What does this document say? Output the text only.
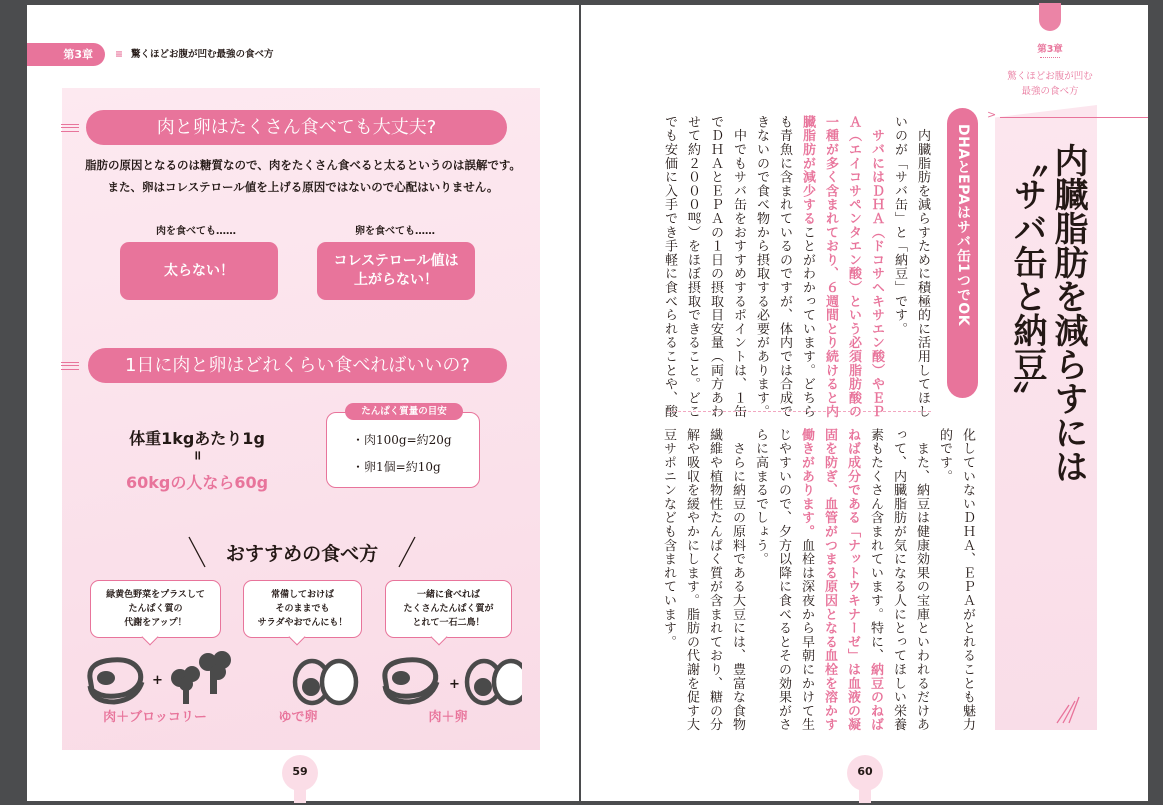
第3章	≡ 驚くほどお腹が凹む最強の食べ方
肉と卵はたくさん食べても大丈夫?
脂肪の原因となるのは糖質なので、肉をたくさん食べると太るというのは誤解です。
また、卵はコレステロール値を上げる原因ではないので心配はいりません。
肉を食べても……	卵を食べても……
太らない！
コレステロール値は
上がらない！
1日に肉と卵はどれくらい食べればいいの?
体重1kgあたり1g
=
60kgの人なら60g
たんぱく質量の目安
・肉100g=約20g
・卵1個=約10g
おすすめの食べ方
緑黄色野菜をプラスして
たんぱく質の
代謝をアップ！
常備しておけば
そのままでも
サラダやおでんにも！
一緒に食べれば
たくさんたんぱく質が
とれて一石二鳥！
+	+
肉＋ブロッコリー	ゆで卵	肉＋卵
59
第3章
驚くほどお腹が凹む
最強の食べ方
>
内臓脂肪を減らすには
〝サバ缶と納豆〟
DHAとEPAはサバ缶1つでOK
　内臓脂肪を減らすために積極的に活用してほし
いのが「サバ缶」と「納豆」です。
　サバにはＤＨＡ（ドコサヘキサエン酸）やＥＰ
Ａ（エイコサペンタエン酸）という必須脂肪酸の
一種が多く含まれており、６週間とり続けると内
臓脂肪が減少することがわかっています。どちら
も青魚に含まれているのですが、体内では合成で
きないので食べ物から摂取する必要があります。
　中でもサバ缶をおすすめするポイントは、１缶
でＤＨＡとＥＰＡの１日の摂取目安量（両方あわ
せて約２０００㎎）をほぼ摂取できること。どこ
でも安価に入手でき手軽に食べられることや、酸
化していないＤＨＡ、ＥＰＡがとれることも魅力
的です。
　また、納豆は健康効果の宝庫といわれるだけあ
って、内臓脂肪が気になる人にとってほしい栄養
素もたくさん含まれています。特に、納豆のねば
ねば成分である「ナットウキナーゼ」は血液の凝
固を防ぎ、血管がつまる原因となる血栓を溶かす
働きがあります。血栓は深夜から早朝にかけて生
じやすいので、夕方以降に食べるとその効果がさ
らに高まるでしょう。
　さらに納豆の原料である大豆には、豊富な食物
繊維や植物性たんぱく質が含まれており、糖の分
解や吸収を緩やかにします。脂肪の代謝を促す大
豆サポニンなども含まれています。
60
